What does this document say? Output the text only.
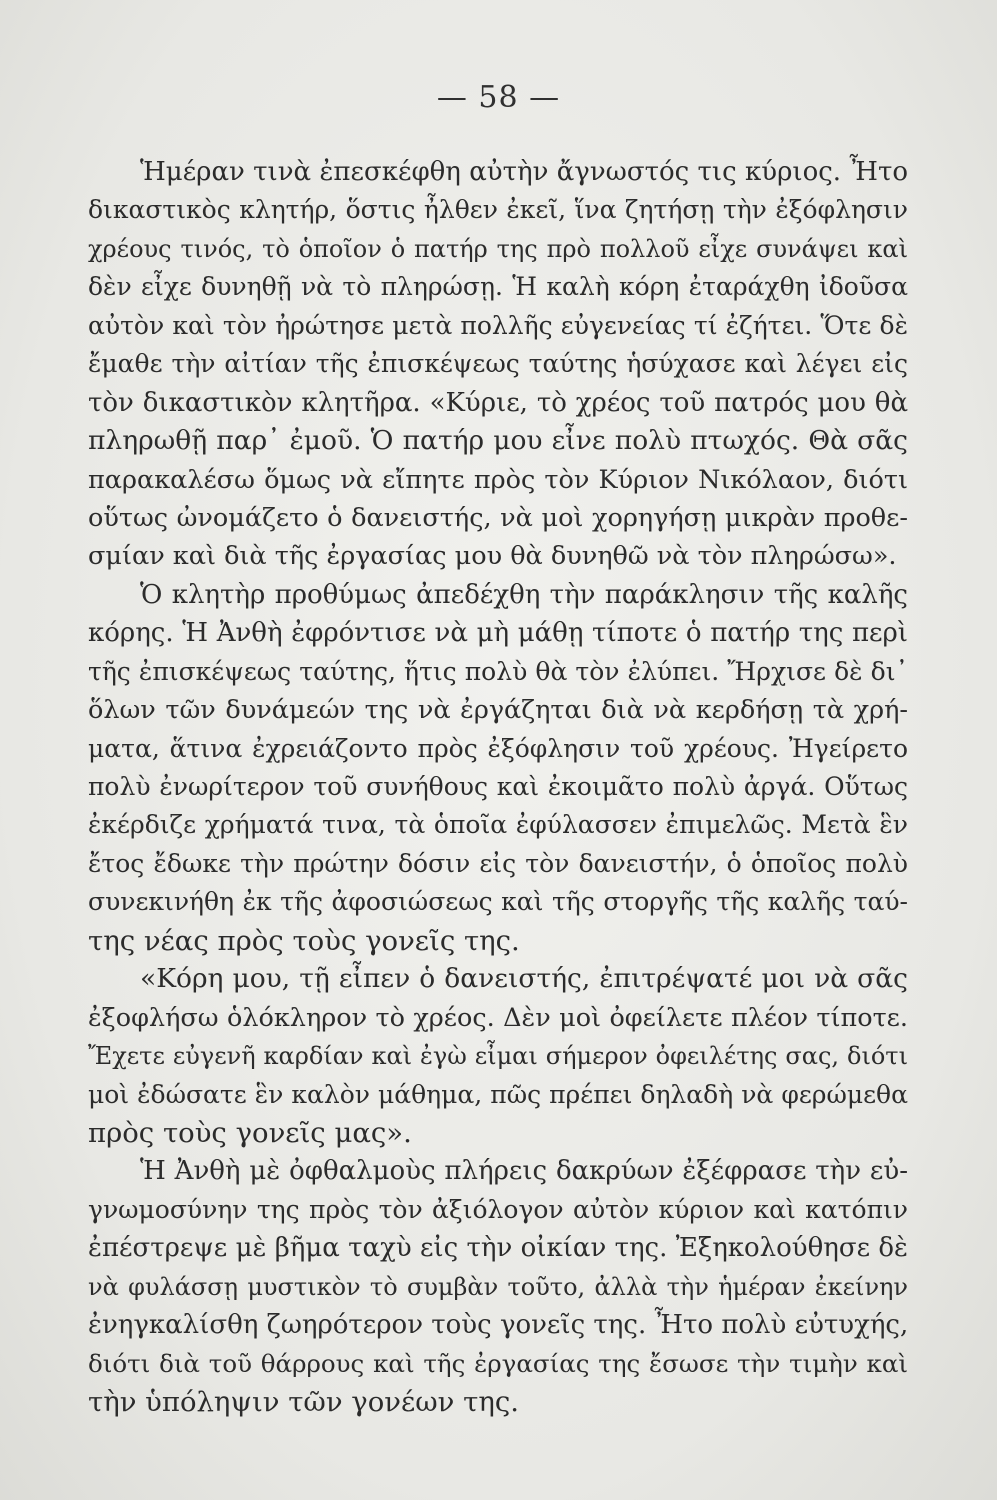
— 58 —
Ἡμέραν τινὰ ἐπεσκέφθη αὐτὴν ἄγνωστός τις κύριος. Ἦτο
δικαστικὸς κλητήρ, ὅστις ἦλθεν ἐκεῖ, ἵνα ζητήσῃ τὴν ἐξόφλησιν
χρέους τινός, τὸ ὁποῖον ὁ πατήρ της πρὸ πολλοῦ εἶχε συνάψει καὶ
δὲν εἶχε δυνηθῇ νὰ τὸ πληρώσῃ. Ἡ καλὴ κόρη ἐταράχθη ἰδοῦσα
αὐτὸν καὶ τὸν ἠρώτησε μετὰ πολλῆς εὐγενείας τί ἐζήτει. Ὅτε δὲ
ἔμαθε τὴν αἰτίαν τῆς ἐπισκέψεως ταύτης ἡσύχασε καὶ λέγει εἰς
τὸν δικαστικὸν κλητῆρα. «Κύριε, τὸ χρέος τοῦ πατρός μου θὰ
πληρωθῇ παρ᾽ ἐμοῦ. Ὁ πατήρ μου εἶνε πολὺ πτωχός. Θὰ σᾶς
παρακαλέσω ὅμως νὰ εἴπητε πρὸς τὸν Κύριον Νικόλαον, διότι
οὕτως ὠνομάζετο ὁ δανειστής, νὰ μοὶ χορηγήσῃ μικρὰν προθε-
σμίαν καὶ διὰ τῆς ἐργασίας μου θὰ δυνηθῶ νὰ τὸν πληρώσω».
Ὁ κλητὴρ προθύμως ἀπεδέχθη τὴν παράκλησιν τῆς καλῆς
κόρης. Ἡ Ἀνθὴ ἐφρόντισε νὰ μὴ μάθῃ τίποτε ὁ πατήρ της περὶ
τῆς ἐπισκέψεως ταύτης, ἥτις πολὺ θὰ τὸν ἐλύπει. Ἤρχισε δὲ δι᾽
ὅλων τῶν δυνάμεών της νὰ ἐργάζηται διὰ νὰ κερδήσῃ τὰ χρή-
ματα, ἅτινα ἐχρειάζοντο πρὸς ἐξόφλησιν τοῦ χρέους. Ἠγείρετο
πολὺ ἐνωρίτερον τοῦ συνήθους καὶ ἐκοιμᾶτο πολὺ ἀργά. Οὕτως
ἐκέρδιζε χρήματά τινα, τὰ ὁποῖα ἐφύλασσεν ἐπιμελῶς. Μετὰ ἓν
ἔτος ἔδωκε τὴν πρώτην δόσιν εἰς τὸν δανειστήν, ὁ ὁποῖος πολὺ
συνεκινήθη ἐκ τῆς ἀφοσιώσεως καὶ τῆς στοργῆς τῆς καλῆς ταύ-
της νέας πρὸς τοὺς γονεῖς της.
«Κόρη μου, τῇ εἶπεν ὁ δανειστής, ἐπιτρέψατέ μοι νὰ σᾶς
ἐξοφλήσω ὁλόκληρον τὸ χρέος. Δὲν μοὶ ὀφείλετε πλέον τίποτε.
Ἔχετε εὐγενῆ καρδίαν καὶ ἐγὼ εἶμαι σήμερον ὀφειλέτης σας, διότι
μοὶ ἐδώσατε ἓν καλὸν μάθημα, πῶς πρέπει δηλαδὴ νὰ φερώμεθα
πρὸς τοὺς γονεῖς μας».
Ἡ Ἀνθὴ μὲ ὀφθαλμοὺς πλήρεις δακρύων ἐξέφρασε τὴν εὐ-
γνωμοσύνην της πρὸς τὸν ἀξιόλογον αὐτὸν κύριον καὶ κατόπιν
ἐπέστρεψε μὲ βῆμα ταχὺ εἰς τὴν οἰκίαν της. Ἐξηκολούθησε δὲ
νὰ φυλάσσῃ μυστικὸν τὸ συμβὰν τοῦτο, ἀλλὰ τὴν ἡμέραν ἐκείνην
ἐνηγκαλίσθη ζωηρότερον τοὺς γονεῖς της. Ἦτο πολὺ εὐτυχής,
διότι διὰ τοῦ θάρρους καὶ τῆς ἐργασίας της ἔσωσε τὴν τιμὴν καὶ
τὴν ὑπόληψιν τῶν γονέων της.
